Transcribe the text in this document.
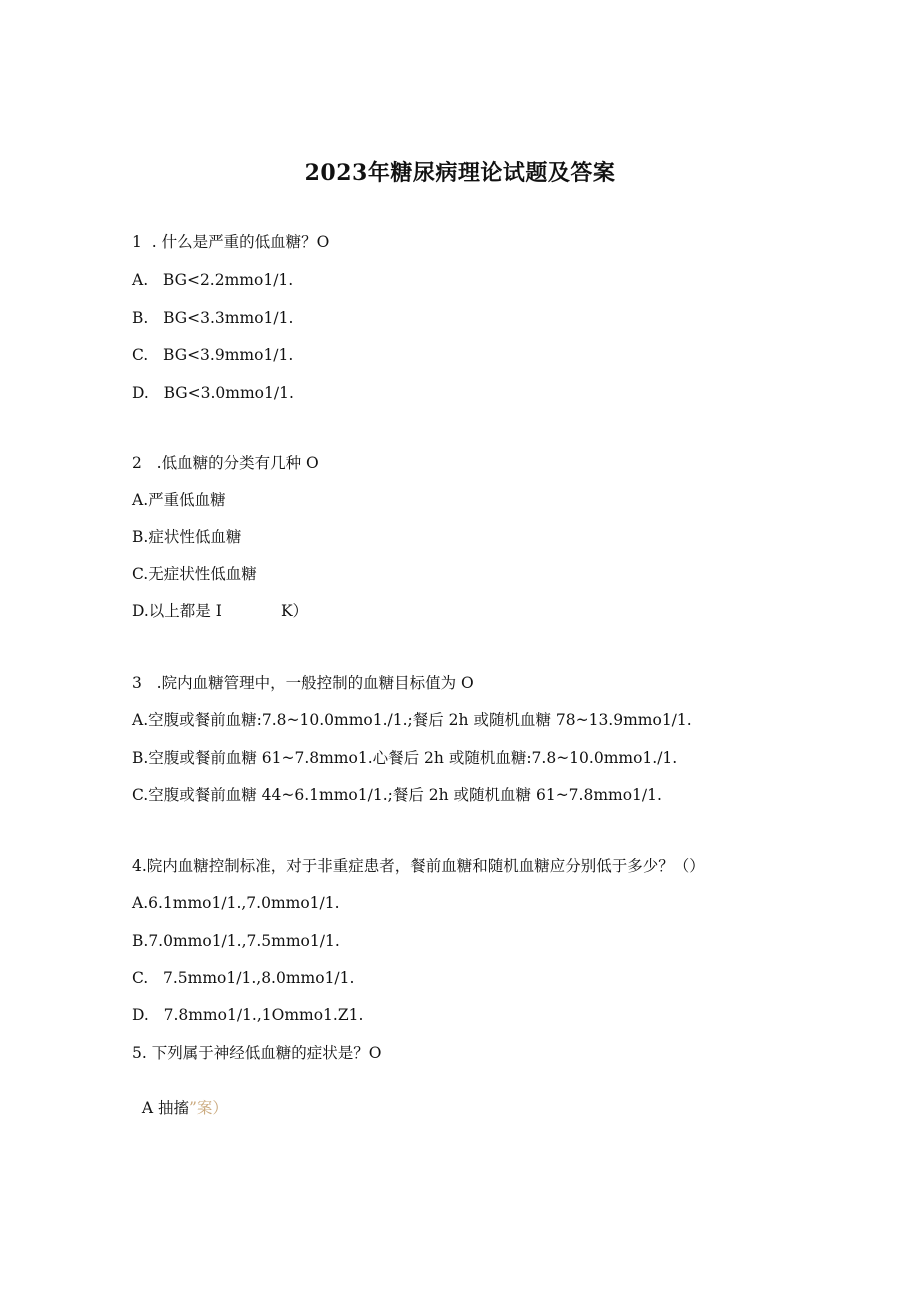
2023年糖尿病理论试题及答案
1  . 什么是严重的低血糖？O
A.   BG<2.2mmo1∕1.
B.   BG<3.3mmo1∕1.
C.   BG<3.9mmo1∕1.
D.   BG<3.0mmo1∕1.
2   .低血糖的分类有几种 O
A.严重低血糖
B.症状性低血糖
C.无症状性低血糖
D.以上都是 I            K）
3   .院内血糖管理中，一般控制的血糖目标值为 O
A.空腹或餐前血糖:7.8~10.0mmo1./1.;餐后 2h 或随机血糖 78~13.9mmo1∕1.
B.空腹或餐前血糖 61~7.8mmo1.心餐后 2h 或随机血糖:7.8~10.0mmo1./1.
C.空腹或餐前血糖 44~6.1mmo1∕1.;餐后 2h 或随机血糖 61~7.8mmo1∕1.
4.院内血糖控制标准，对于非重症患者，餐前血糖和随机血糖应分别低于多少？（）
A.6.1mmo1∕1.,7.0mmo1∕1.
B.7.0mmo1∕1.,7.5mmo1∕1.
C.   7.5mmo1∕1.,8.0mmo1∕1.
D.   7.8mmo1∕1.,1Ommo1.Z1.
5. 下列属于神经低血糖的症状是？O

A 抽搐”案）
